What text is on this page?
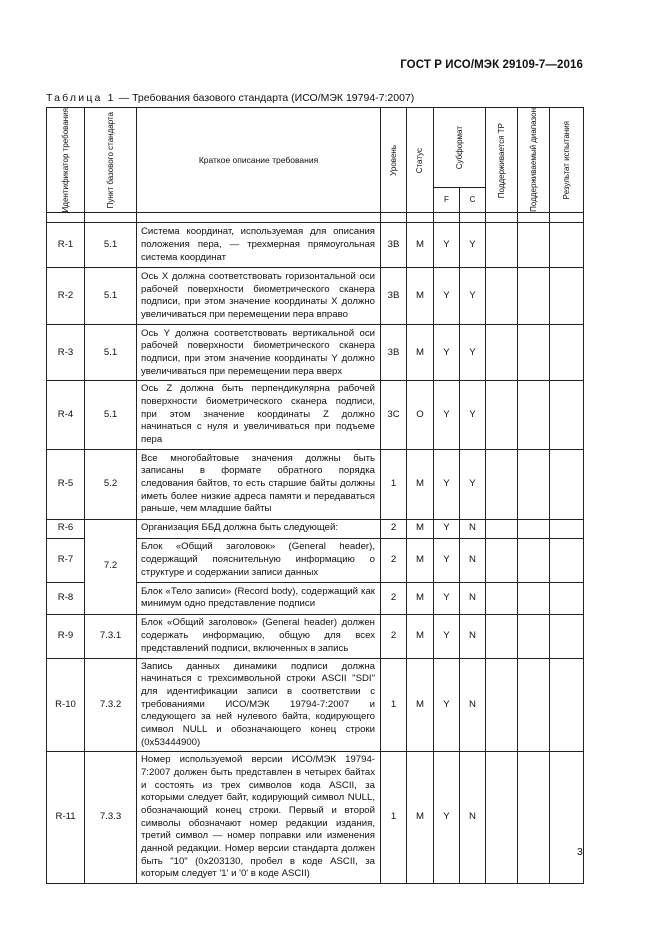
ГОСТ Р ИСО/МЭК 29109-7—2016
Таблица 1 — Требования базового стандарта (ИСО/МЭК 19794-7:2007)
Идентификатор требования	Пункт базового стандарта	Краткое описание требования	Уровень	Статус	Субформат		Поддерживается ТР	Поддерживаемый диапазон	Результат испытания

					F	C			

R-1	5.1	Система координат, используемая для описания положения пера, — трехмерная прямоугольная система координат	3В	М	Y	Y			
R-2	5.1	Ось X должна соответствовать горизонтальной оси рабочей поверхности биометрического сканера подписи, при этом значение координаты X должно увеличиваться при перемещении пера вправо	3В	М	Y	Y			
R-3	5.1	Ось Y должна соответствовать вертикальной оси рабочей поверхности биометрического сканера подписи, при этом значение координаты Y должно увеличиваться при перемещении пера вверх	3В	М	Y	Y			
R-4	5.1	Ось Z должна быть перпендикулярна рабочей поверхности биометрического сканера подписи, при этом значение координаты Z должно начинаться с нуля и увеличиваться при подъеме пера	3С	О	Y	Y			
R-5	5.2	Все многобайтовые значения должны быть записаны в формате обратного порядка следования байтов, то есть старшие байты должны иметь более низкие адреса памяти и передаваться раньше, чем младшие байты	1	М	Y	Y			
R-6	7.2	Организация ББД должна быть следующей:	2	М	Y	N			
R-7		Блок «Общий заголовок» (General header), содержащий пояснительную информацию о структуре и содержании записи данных	2	М	Y	N			
R-8		Блок «Тело записи» (Record body), содержащий как минимум одно представление подписи	2	М	Y	N			
R-9	7.3.1	Блок «Общий заголовок» (General header) должен содержать информацию, общую для всех представлений подписи, включенных в запись	2	М	Y	N			
R-10	7.3.2	Запись данных динамики подписи должна начинаться с трехсимвольной строки ASCII "SDI" для идентификации записи в соответствии с требованиями ИСО/МЭК 19794-7:2007 и следующего за ней нулевого байта, кодирующего символ NULL и обозначающего конец строки (0x53444900)	1	М	Y	N			
R-11	7.3.3	Номер используемой версии ИСО/МЭК 19794-7:2007 должен быть представлен в четырех байтах и состоять из трех символов кода ASCII, за которыми следует байт, кодирующий символ NULL, обозначающий конец строки. Первый и второй символы обозначают номер редакции издания, третий символ — номер поправки или изменения данной редакции. Номер версии стандарта должен быть "10" (0x203130, пробел в коде ASCII, за которым следует '1' и '0' в коде ASCII)	1	М	Y	N			
3
